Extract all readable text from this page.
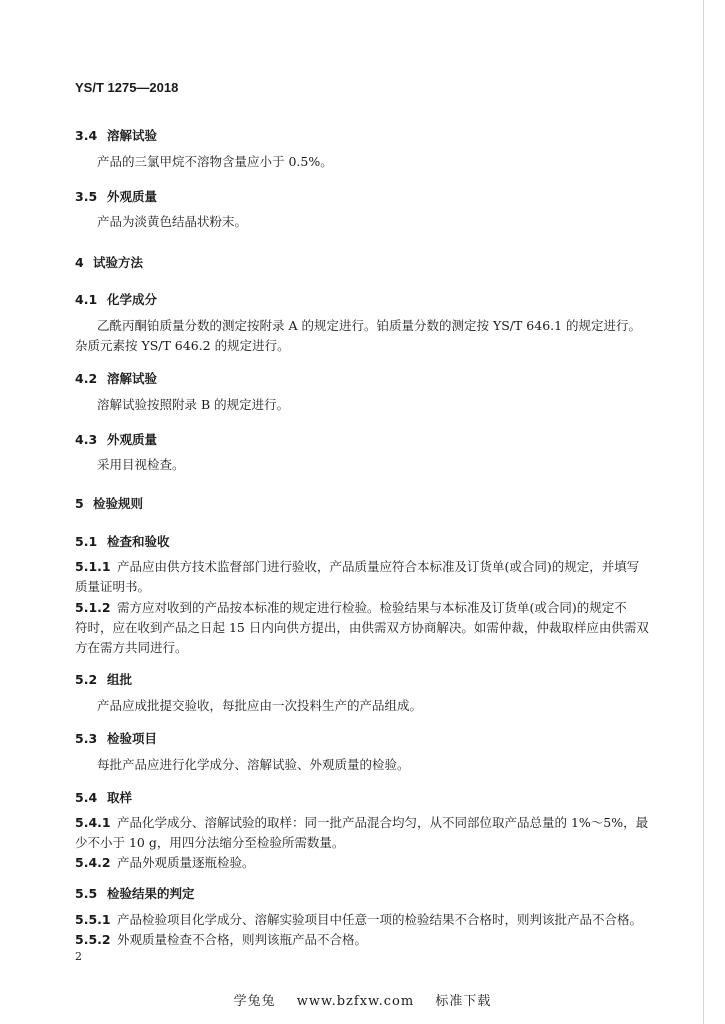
YS/T 1275—2018
3.4 溶解试验
产品的三氯甲烷不溶物含量应小于 0.5%。
3.5 外观质量
产品为淡黄色结晶状粉末。
4 试验方法
4.1 化学成分
乙酰丙酮铂质量分数的测定按附录 A 的规定进行。铂质量分数的测定按 YS/T 646.1 的规定进行。
杂质元素按 YS/T 646.2 的规定进行。
4.2 溶解试验
溶解试验按照附录 B 的规定进行。
4.3 外观质量
采用目视检查。
5 检验规则
5.1 检查和验收
5.1.1 产品应由供方技术监督部门进行验收，产品质量应符合本标准及订货单(或合同)的规定，并填写
质量证明书。
5.1.2 需方应对收到的产品按本标准的规定进行检验。检验结果与本标准及订货单(或合同)的规定不
符时，应在收到产品之日起 15 日内向供方提出，由供需双方协商解决。如需仲裁，仲裁取样应由供需双
方在需方共同进行。
5.2 组批
产品应成批提交验收，每批应由一次投料生产的产品组成。
5.3 检验项目
每批产品应进行化学成分、溶解试验、外观质量的检验。
5.4 取样
5.4.1 产品化学成分、溶解试验的取样：同一批产品混合均匀，从不同部位取产品总量的 1%～5%，最
少不小于 10 g，用四分法缩分至检验所需数量。
5.4.2 产品外观质量逐瓶检验。
5.5 检验结果的判定
5.5.1 产品检验项目化学成分、溶解实验项目中任意一项的检验结果不合格时，则判该批产品不合格。
5.5.2 外观质量检查不合格，则判该瓶产品不合格。
2
学兔兔 www.bzfxw.com 标准下载
